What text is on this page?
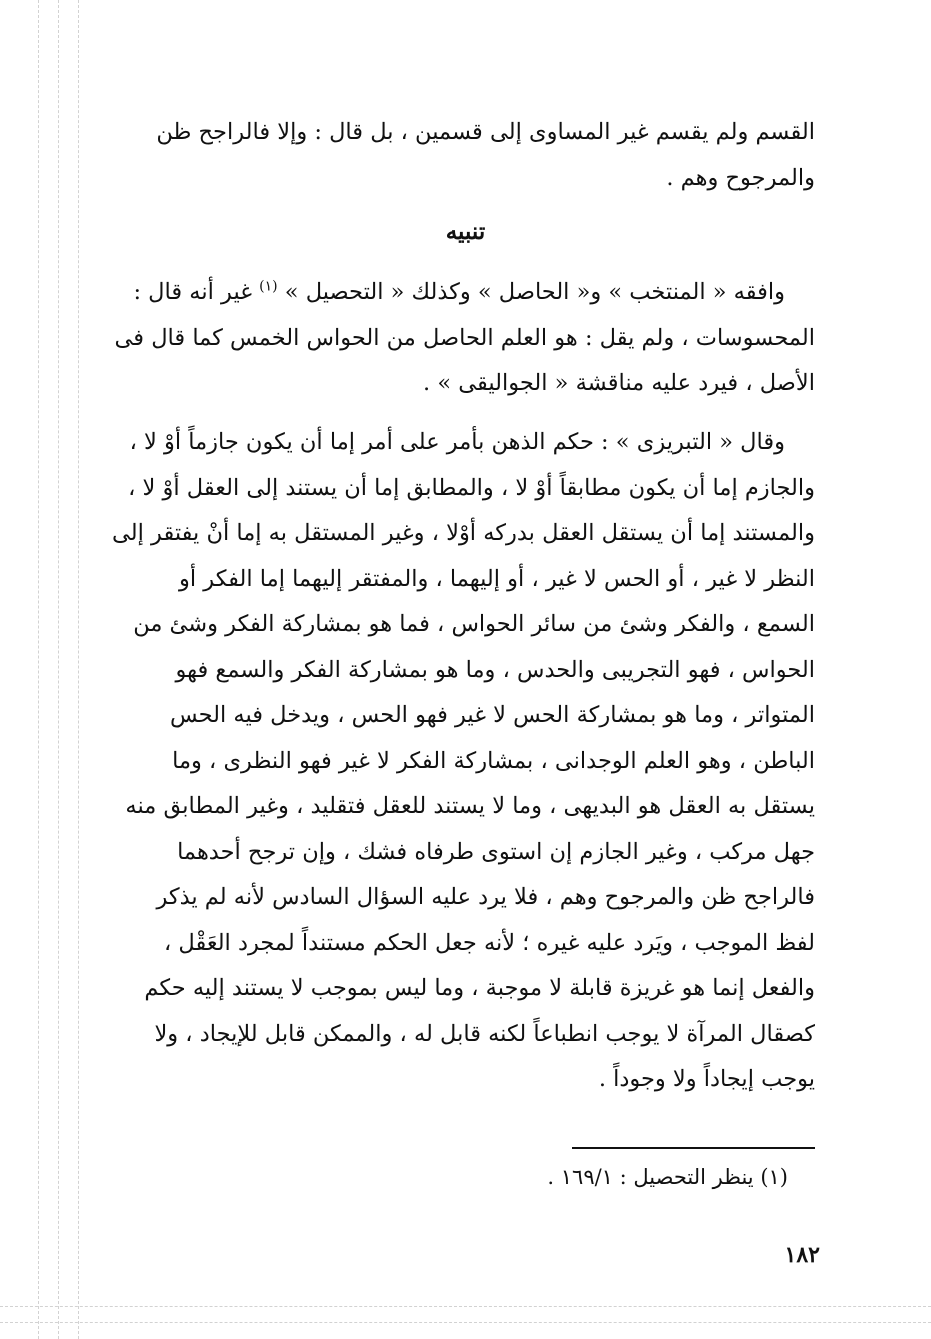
القسم ولم يقسم غير المساوى إلى قسمين ، بل قال : وإلا فالراجح ظن
والمرجوح وهم .
تنبيه
وافقه « المنتخب » و« الحاصل » وكذلك « التحصيل » $^{(١)}$ غير أنه قال :
المحسوسات ، ولم يقل : هو العلم الحاصل من الحواس الخمس كما قال فى
الأصل ، فيرد عليه مناقشة « الجواليقى » .
وقال « التبريزى » : حكم الذهن بأمر على أمر إما أن يكون جازماً أوْ لا ،
والجازم إما أن يكون مطابقاً أوْ لا ، والمطابق إما أن يستند إلى العقل أوْ لا ،
والمستند إما أن يستقل العقل بدركه أوْلا ، وغير المستقل به إما أنْ يفتقر إلى
النظر لا غير ، أو الحس لا غير ، أو إليهما ، والمفتقر إليهما إما الفكر أو
السمع ، والفكر وشئ من سائر الحواس ، فما هو بمشاركة الفكر وشئ من
الحواس ، فهو التجريبى والحدس ، وما هو بمشاركة الفكر والسمع فهو
المتواتر ، وما هو بمشاركة الحس لا غير فهو الحس ، ويدخل فيه الحس
الباطن ، وهو العلم الوجدانى ، بمشاركة الفكر لا غير فهو النظرى ، وما
يستقل به العقل هو البديهى ، وما لا يستند للعقل فتقليد ، وغير المطابق منه
جهل مركب ، وغير الجازم إن استوى طرفاه فشك ، وإن ترجح أحدهما
فالراجح ظن والمرجوح وهم ، فلا يرد عليه السؤال السادس لأنه لم يذكر
لفظ الموجب ، ويَرد عليه غيره ؛ لأنه جعل الحكم مستنداً لمجرد العَقْل ،
والفعل إنما هو غريزة قابلة لا موجبة ، وما ليس بموجب لا يستند إليه حكم
كصقال المرآة لا يوجب انطباعاً لكنه قابل له ، والممكن قابل للإيجاد ، ولا
يوجب إيجاداً ولا وجوداً .
(١) ينظر التحصيل : ١٦٩/١ .
١٨٢
